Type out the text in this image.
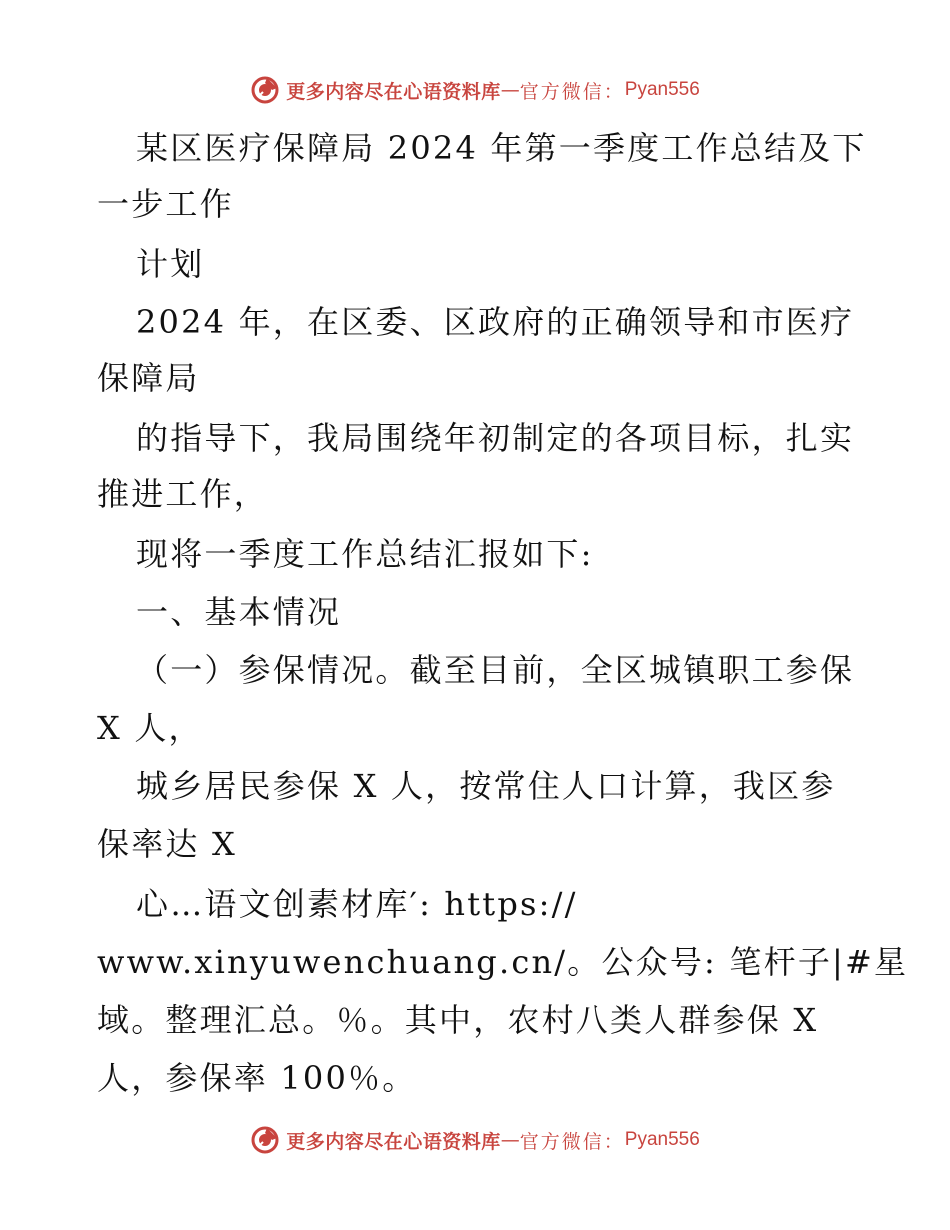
更多内容尽在心语资料库 — 官方微信 ： Pyan556
某区医疗保障局 2024 年第一季度工作总结及下
一步工作
计划
2024 年，在区委、区政府的正确领导和市医疗
保障局
的指导下，我局围绕年初制定的各项目标，扎实
推进工作，
现将一季度工作总结汇报如下:
一、基本情况
（一）参保情况。截至目前，全区城镇职工参保
X 人，
城乡居民参保 X 人，按常住人口计算，我区参
保率达 X
心…语文创素材库′: https://
www.xinyuwenchuang.cn/。公众号: 笔杆子|#星
域。整理汇总。％。其中，农村八类人群参保 X
人，参保率 100％。
更多内容尽在心语资料库 — 官方微信 ： Pyan556
